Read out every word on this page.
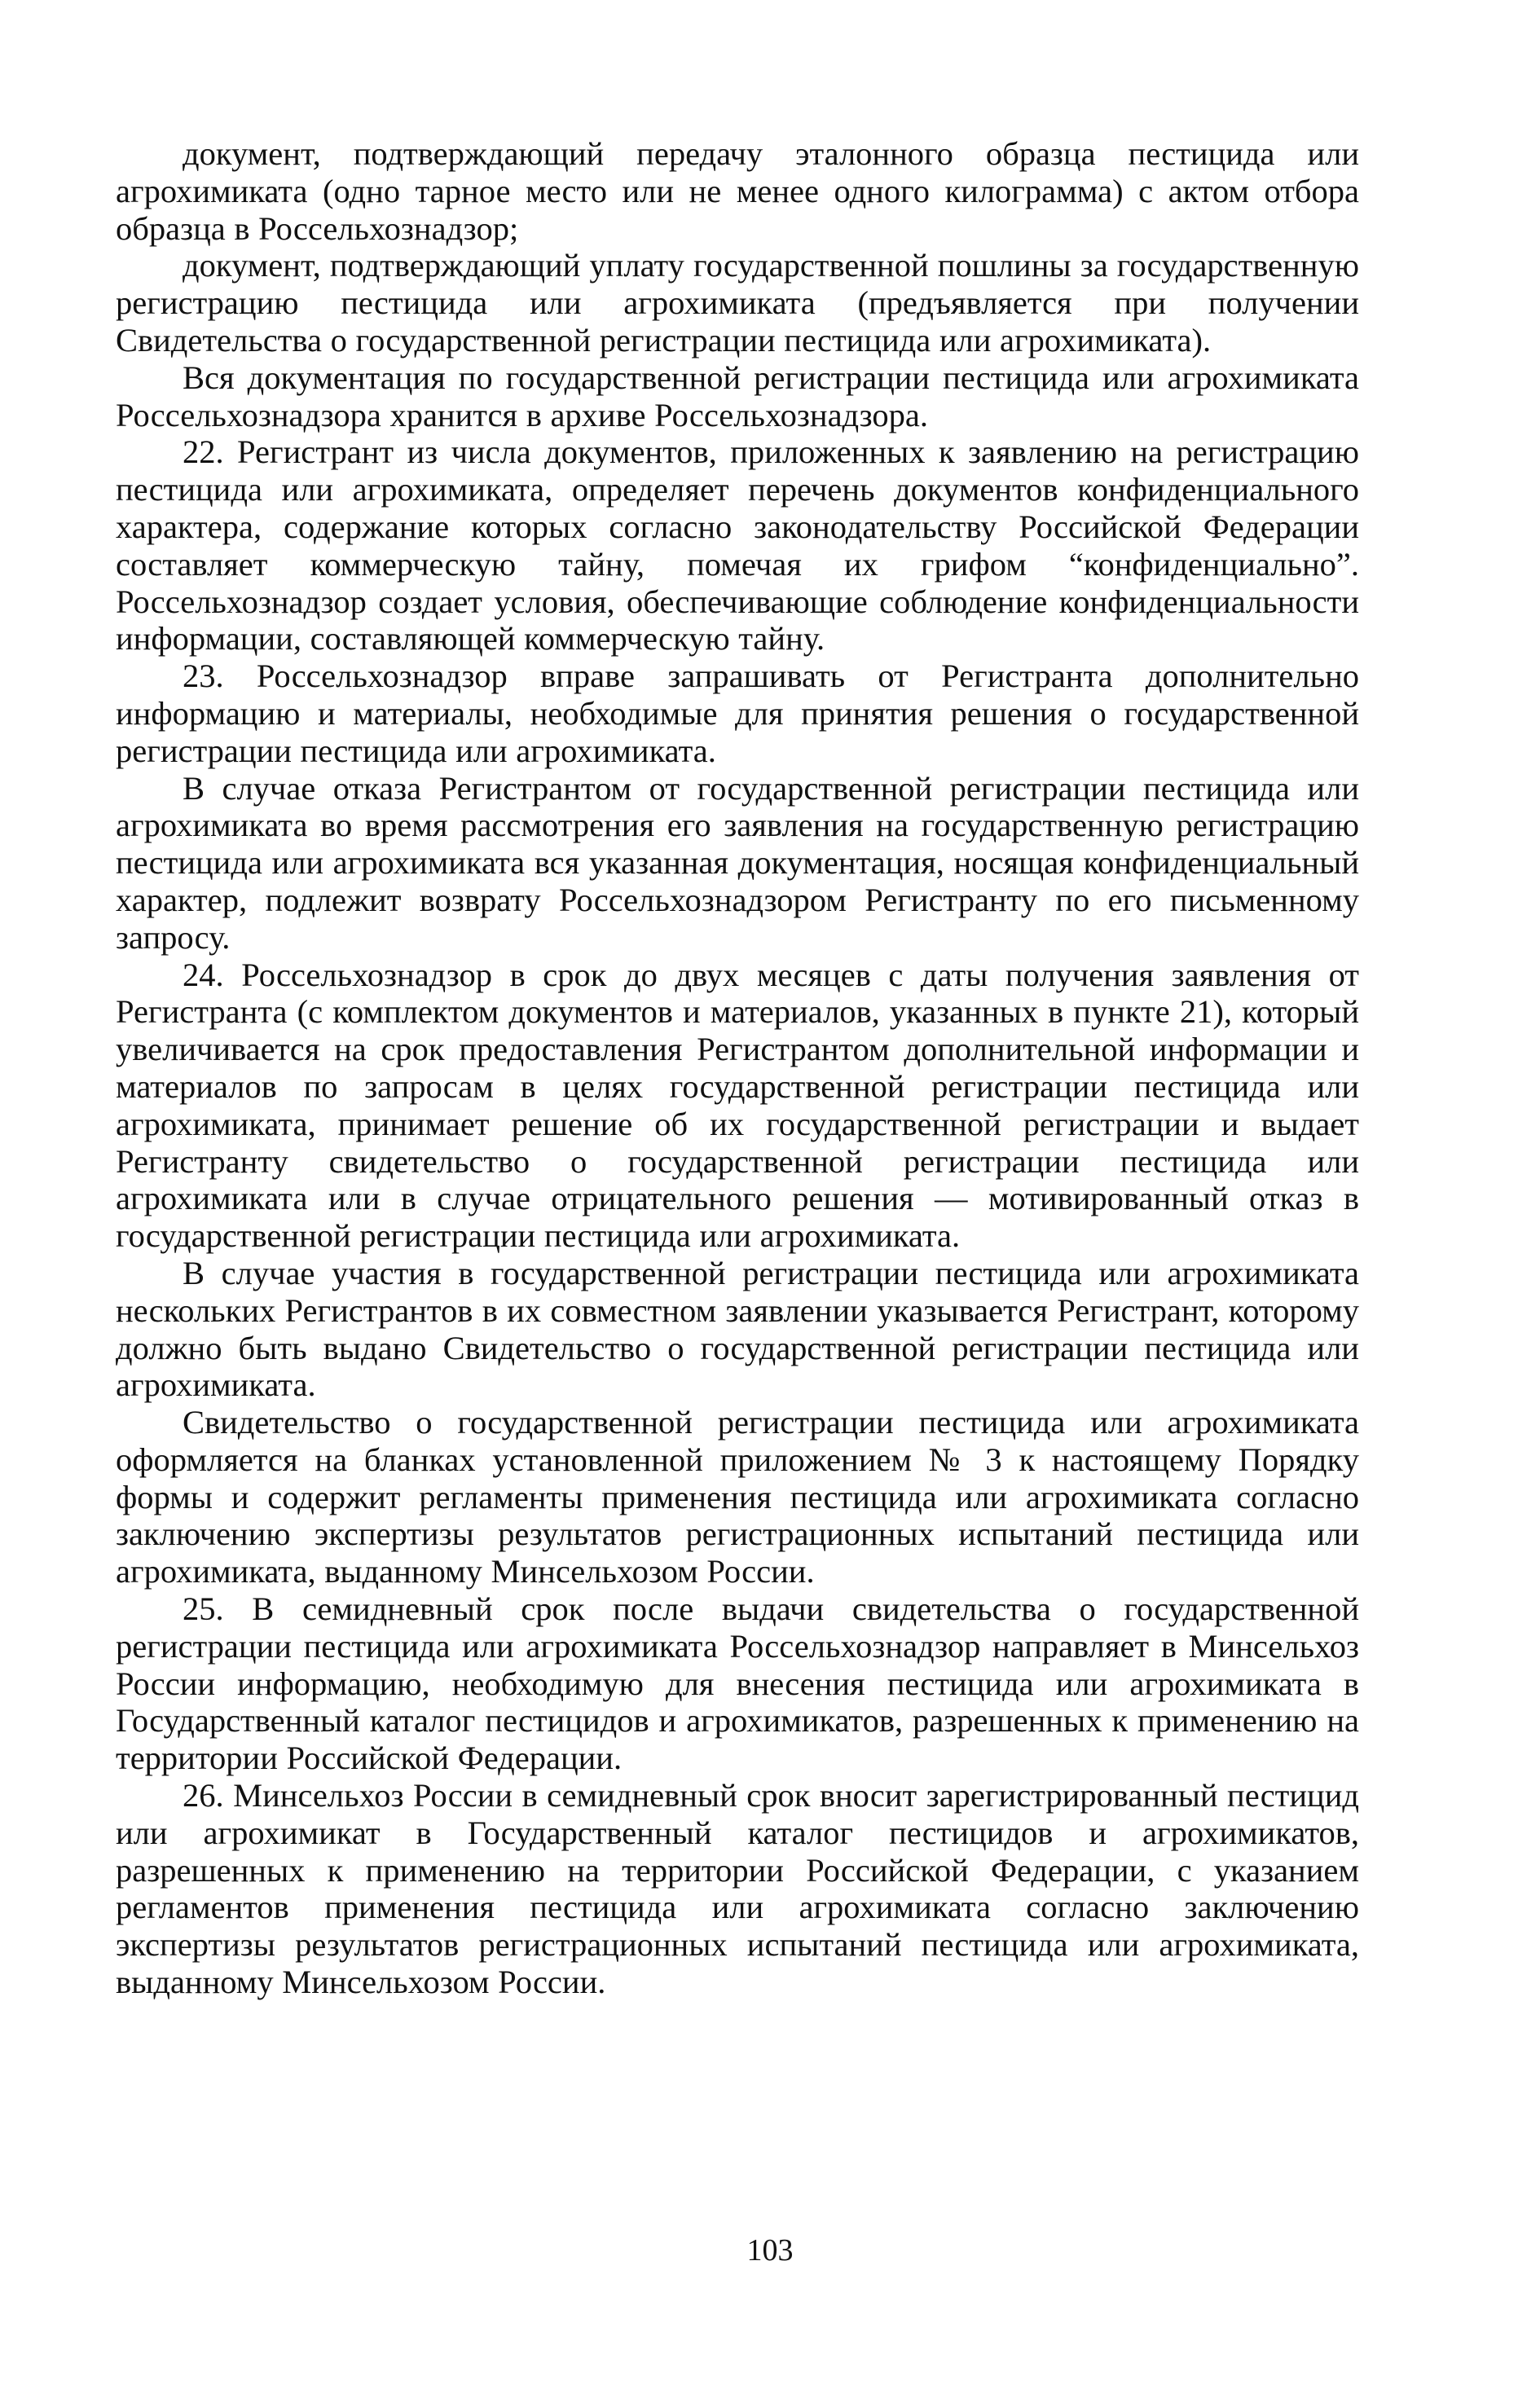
документ, подтверждающий передачу эталонного образца пестицида или агрохимиката (одно тарное место или не менее одного килограмма) с актом отбора образца в Россельхознадзор;

документ, подтверждающий уплату государственной пошлины за государственную регистрацию пестицида или агрохимиката (предъявляется при получении Свидетельства о государственной регистрации пестицида или агрохимиката).

Вся документация по государственной регистрации пестицида или агрохимиката Россельхознадзора хранится в архиве Россельхознадзора.

22. Регистрант из числа документов, приложенных к заявлению на регистрацию пестицида или агрохимиката, определяет перечень документов конфиденциального характера, содержание которых согласно законодательству Российской Федерации составляет коммерческую тайну, помечая их грифом “конфиденциально”. Россельхознадзор создает условия, обеспечивающие соблюдение конфиденциальности информации, составляющей коммерческую тайну.

23. Россельхознадзор вправе запрашивать от Регистранта дополнительно информацию и материалы, необходимые для принятия решения о государственной регистрации пестицида или агрохимиката.

В случае отказа Регистрантом от государственной регистрации пестицида или агрохимиката во время рассмотрения его заявления на государственную регистрацию пестицида или агрохимиката вся указанная документация, носящая конфиденциальный характер, подлежит возврату Россельхознадзором Регистранту по его письменному запросу.

24. Россельхознадзор в срок до двух месяцев с даты получения заявления от Регистранта (с комплектом документов и материалов, указанных в пункте 21), который увеличивается на срок предоставления Регистрантом дополнительной информации и материалов по запросам в целях государственной регистрации пестицида или агрохимиката, принимает решение об их государственной регистрации и выдает Регистранту свидетельство о государственной регистрации пестицида или агрохимиката или в случае отрицательного решения — мотивированный отказ в государственной регистрации пестицида или агрохимиката.

В случае участия в государственной регистрации пестицида или агрохимиката нескольких Регистрантов в их совместном заявлении указывается Регистрант, которому должно быть выдано Свидетельство о государственной регистрации пестицида или агрохимиката.

Свидетельство о государственной регистрации пестицида или агрохимиката оформляется на бланках установленной приложением № 3 к настоящему Порядку формы и содержит регламенты применения пестицида или агрохимиката согласно заключению экспертизы результатов регистрационных испытаний пестицида или агрохимиката, выданному Минсельхозом России.

25. В семидневный срок после выдачи свидетельства о государственной регистрации пестицида или агрохимиката Россельхознадзор направляет в Минсельхоз России информацию, необходимую для внесения пестицида или агрохимиката в Государственный каталог пестицидов и агрохимикатов, разрешенных к применению на территории Российской Федерации.

26. Минсельхоз России в семидневный срок вносит зарегистрированный пестицид или агрохимикат в Государственный каталог пестицидов и агрохимикатов, разрешенных к применению на территории Российской Федерации, с указанием регламентов применения пестицида или агрохимиката согласно заключению экспертизы результатов регистрационных испытаний пестицида или агрохимиката, выданному Минсельхозом России.

103
